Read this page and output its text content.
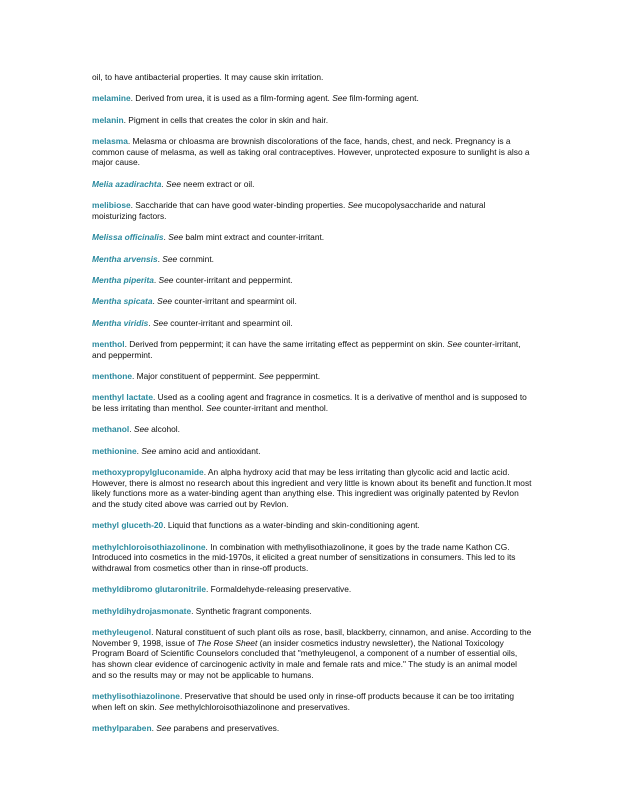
oil, to have antibacterial properties. It may cause skin irritation.

melamine. Derived from urea, it is used as a film-forming agent. See film-forming agent.

melanin. Pigment in cells that creates the color in skin and hair.

melasma. Melasma or chloasma are brownish discolorations of the face, hands, chest, and neck. Pregnancy is a common cause of melasma, as well as taking oral contraceptives. However, unprotected exposure to sunlight is also a major cause.

Melia azadirachta. See neem extract or oil.

melibiose. Saccharide that can have good water-binding properties. See mucopolysaccharide and natural moisturizing factors.

Melissa officinalis. See balm mint extract and counter-irritant.

Mentha arvensis. See cornmint.

Mentha piperita. See counter-irritant and peppermint.

Mentha spicata. See counter-irritant and spearmint oil.

Mentha viridis. See counter-irritant and spearmint oil.

menthol. Derived from peppermint; it can have the same irritating effect as peppermint on skin. See counter-irritant, and peppermint.

menthone. Major constituent of peppermint. See peppermint.

menthyl lactate. Used as a cooling agent and fragrance in cosmetics. It is a derivative of menthol and is supposed to be less irritating than menthol. See counter-irritant and menthol.

methanol. See alcohol.

methionine. See amino acid and antioxidant.

methoxypropylgluconamide. An alpha hydroxy acid that may be less irritating than glycolic acid and lactic acid. However, there is almost no research about this ingredient and very little is known about its benefit and function.It most likely functions more as a water-binding agent than anything else. This ingredient was originally patented by Revlon and the study cited above was carried out by Revlon.

methyl gluceth-20. Liquid that functions as a water-binding and skin-conditioning agent.

methylchloroisothiazolinone. In combination with methylisothiazolinone, it goes by the trade name Kathon CG. Introduced into cosmetics in the mid-1970s, it elicited a great number of sensitizations in consumers. This led to its withdrawal from cosmetics other than in rinse-off products.

methyldibromo glutaronitrile. Formaldehyde-releasing preservative.

methyldihydrojasmonate. Synthetic fragrant components.

methyleugenol. Natural constituent of such plant oils as rose, basil, blackberry, cinnamon, and anise. According to the November 9, 1998, issue of The Rose Sheet (an insider cosmetics industry newsletter), the National Toxicology Program Board of Scientific Counselors concluded that "methyleugenol, a component of a number of essential oils, has shown clear evidence of carcinogenic activity in male and female rats and mice." The study is an animal model and so the results may or may not be applicable to humans.

methylisothiazolinone. Preservative that should be used only in rinse-off products because it can be too irritating when left on skin. See methylchloroisothiazolinone and preservatives.

methylparaben. See parabens and preservatives.
